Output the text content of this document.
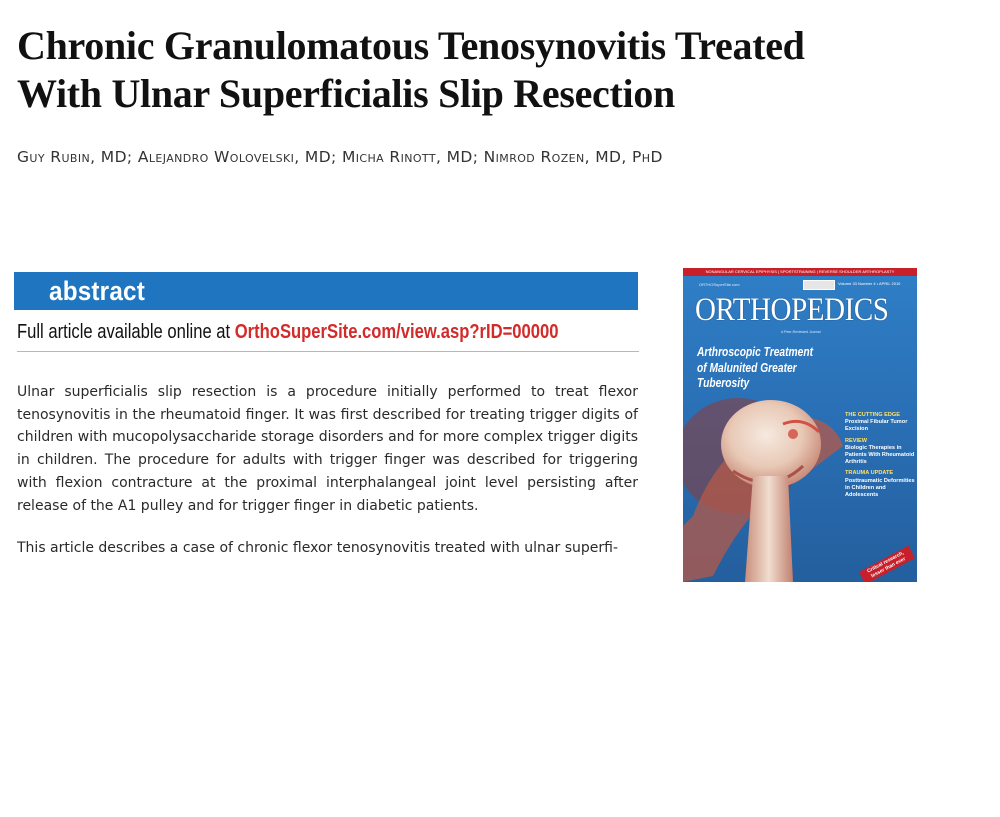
Chronic Granulomatous Tenosynovitis Treated
With Ulnar Superficialis Slip Resection
Guy Rubin, MD; Alejandro Wolovelski, MD; Micha Rinott, MD; Nimrod Rozen, MD, PhD
abstract
Full article available online at OrthoSuperSite.com/view.asp?rID=00000

Ulnar superficialis slip resection is a procedure initially performed to treat flexor tenosynovitis in the rheumatoid finger. It was first described for treating trigger digits of children with mucopolysaccharide storage disorders and for more complex trigger digits in children. The procedure for adults with trigger finger was described for triggering with flexion contracture at the proximal interphalangeal joint level persisting after release of the A1 pulley and for trigger finger in diabetic patients.

This article describes a case of chronic flexor tenosynovitis treated with ulnar superfi-

NONANGULAR CERVICAL EPIPHYSIS | SPORTSTRAINING | REVERSE SHOULDER ARTHROPLASTY
ORTHOSuperSite.com	Volume 33 Number 4 • APRIL 2010
ORTHOPEDICS
A Peer-Reviewed Journal
Arthroscopic Treatment of Malunited Greater Tuberosity
THE CUTTING EDGE
Proximal Fibular Tumor Excision
REVIEW
Biologic Therapies in Patients With Rheumatoid Arthritis
TRAUMA UPDATE
Posttraumatic Deformities in Children and Adolescents
Critical research, lesser than ever
